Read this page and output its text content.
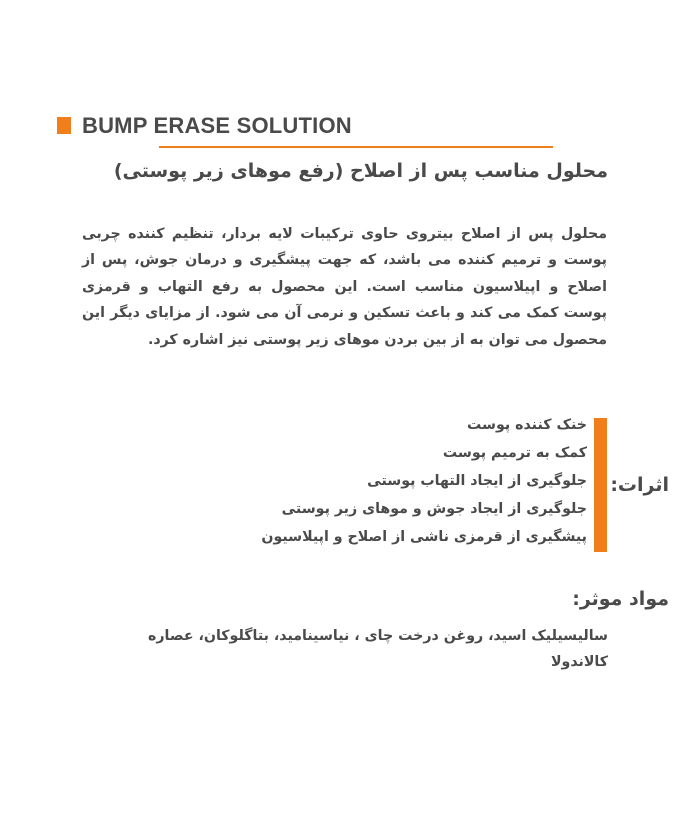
BUMP ERASE SOLUTION
محلول مناسب پس از اصلاح (رفع موهای زیر پوستی)
محلول پس از اصلاح بیتروی حاوی ترکیبات لایه بردار، تنظیم کننده چربی پوست و ترمیم کننده می باشد، که جهت پیشگیری و درمان جوش، پس از اصلاح و اپیلاسیون مناسب است. این محصول به رفع التهاب و قرمزی پوست کمک می کند و باعث تسکین و نرمی آن می شود. از مزایای دیگر این محصول می توان به از بین بردن موهای زیر پوستی نیز اشاره کرد.
اثرات:
خنک کننده پوست
کمک به ترمیم پوست
جلوگیری از ایجاد التهاب پوستی
جلوگیری از ایجاد جوش و موهای زیر پوستی
پیشگیری از قرمزی ناشی از اصلاح و اپیلاسیون
مواد موثر:
سالیسیلیک اسید، روغن درخت چای ، نیاسینامید، بتاگلوکان، عصاره کالاندولا
